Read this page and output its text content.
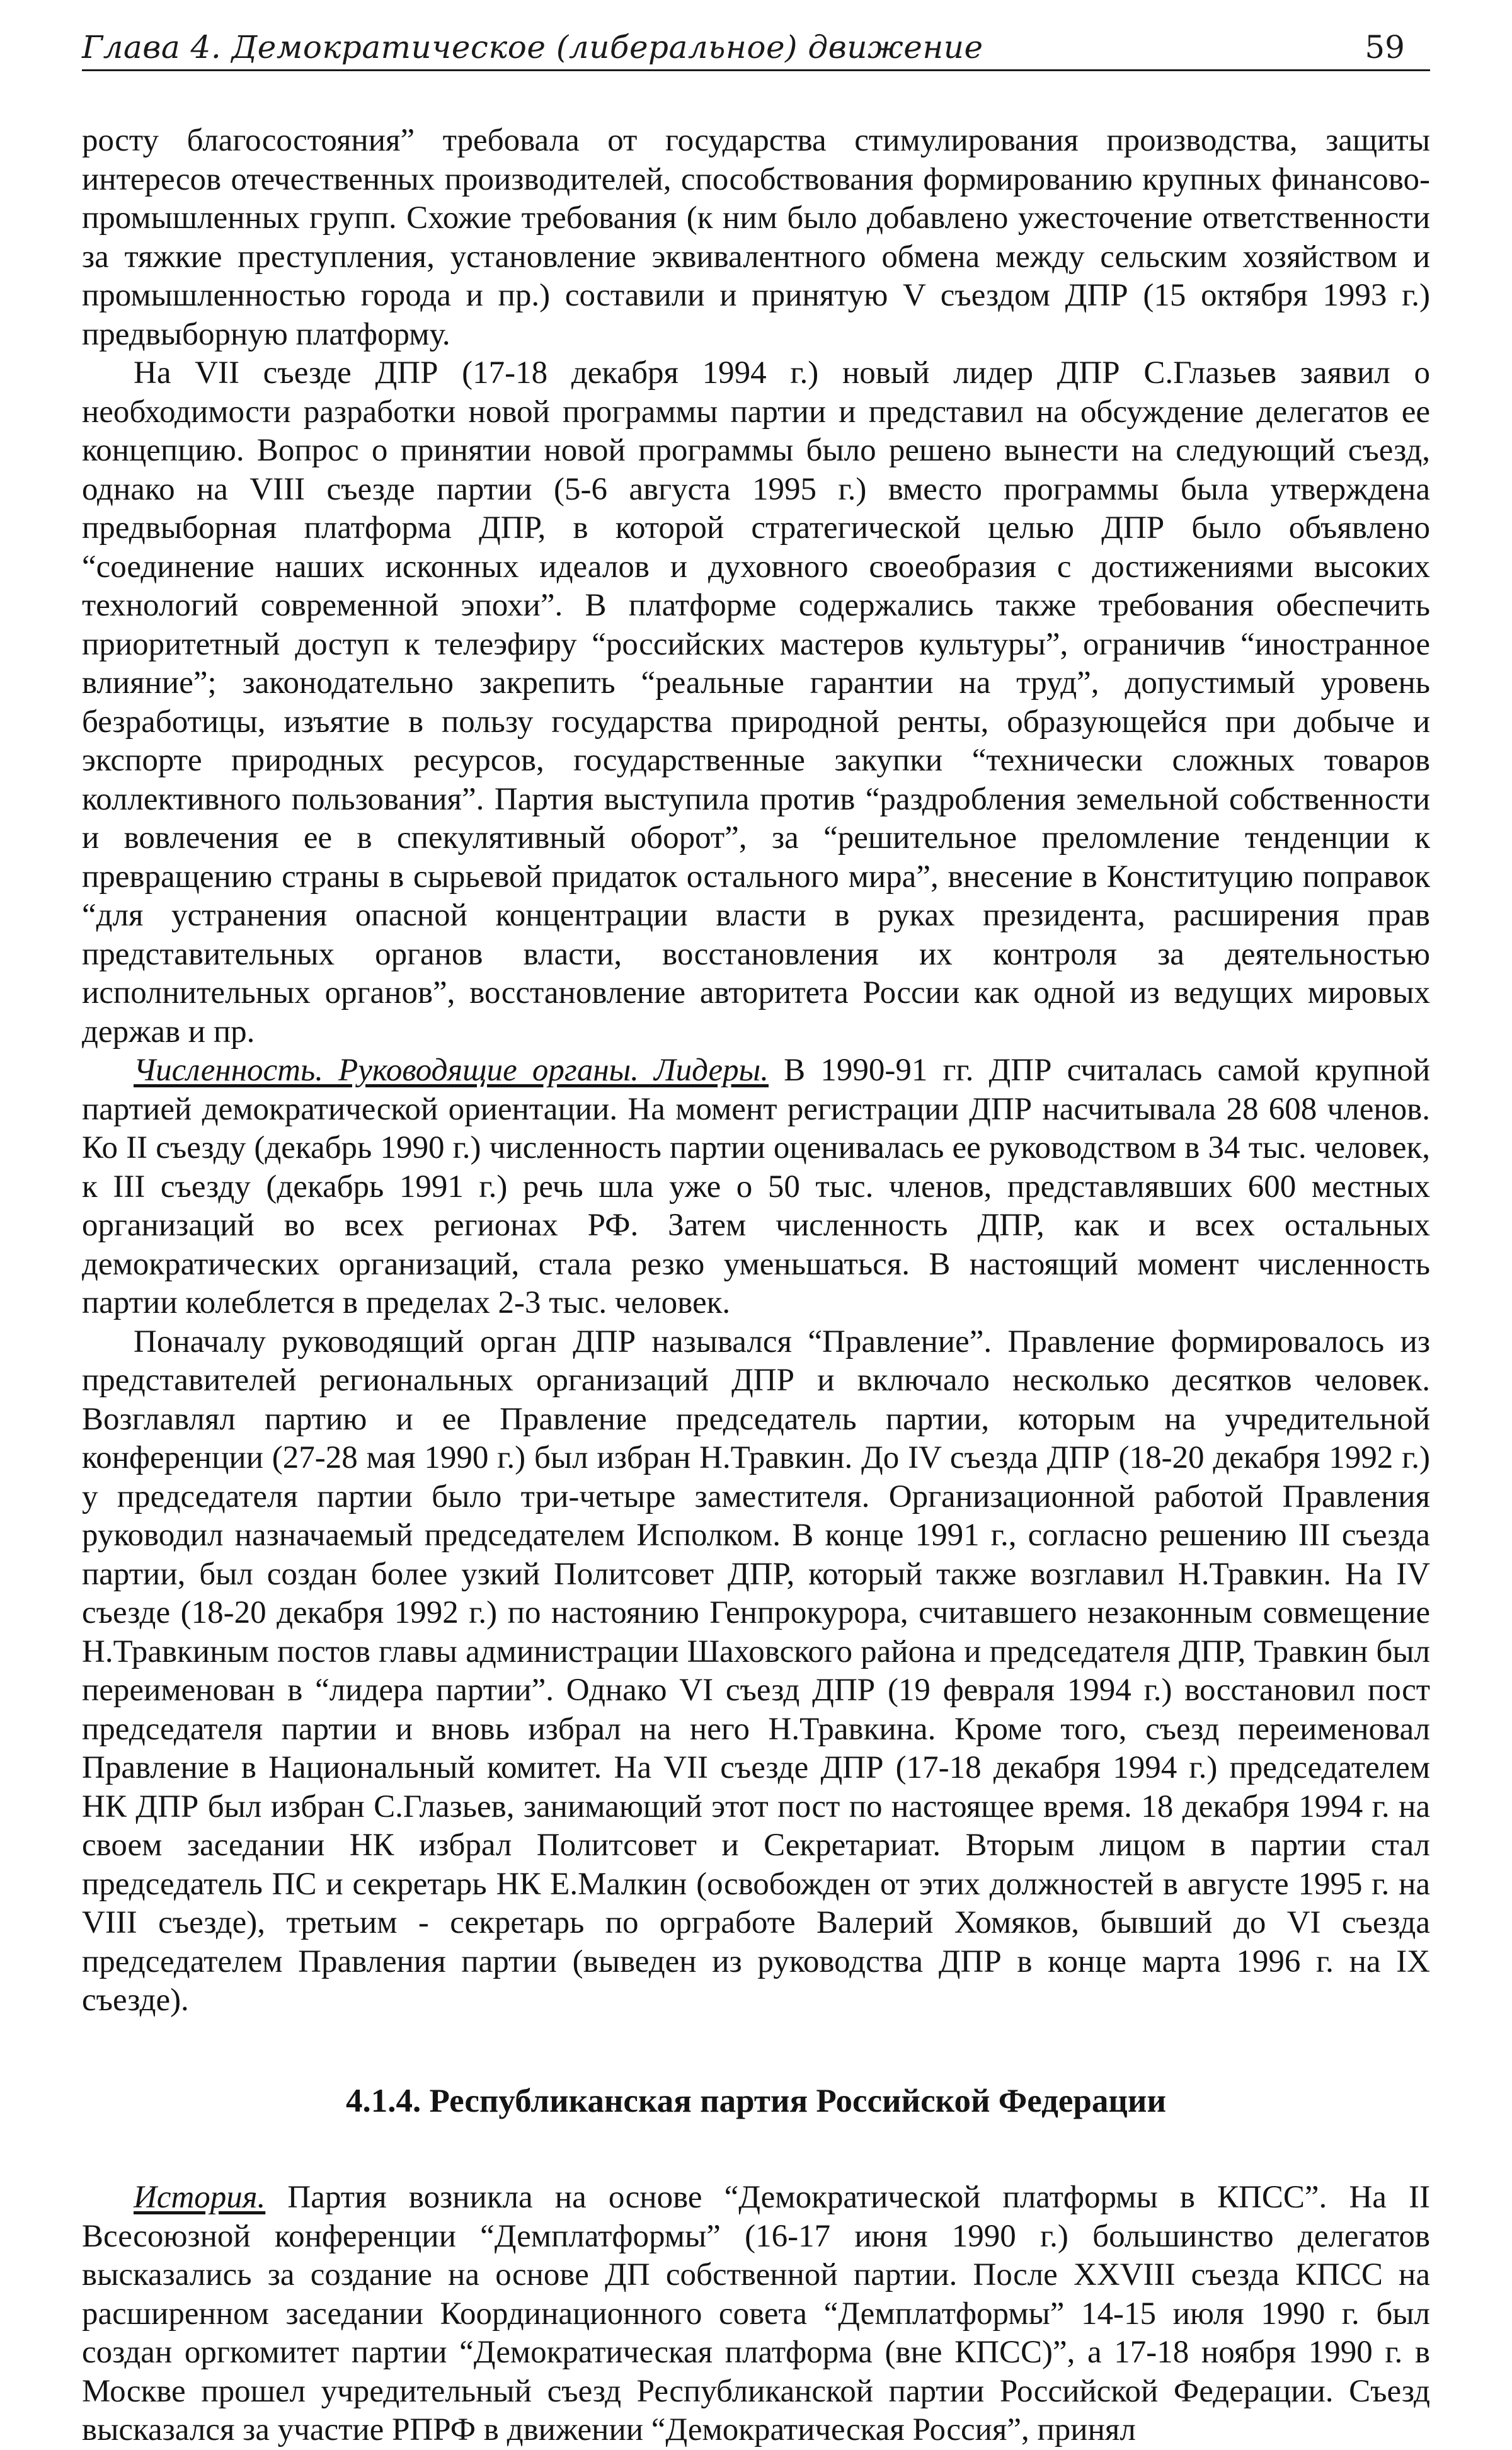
Глава 4. Демократическое (либеральное) движение	59

росту благосостояния” требовала от государства стимулирования производства, защиты интересов отечественных производителей, способствования формированию крупных финансово-промышленных групп. Схожие требования (к ним было добавлено ужесточение ответственности за тяжкие преступления, установление эквивалентного обмена между сельским хозяйством и промышленностью города и пр.) составили и принятую V съездом ДПР (15 октября 1993 г.) предвыборную платформу.

На VII съезде ДПР (17-18 декабря 1994 г.) новый лидер ДПР С.Глазьев заявил о необходимости разработки новой программы партии и представил на обсуждение делегатов ее концепцию. Вопрос о принятии новой программы было решено вынести на следующий съезд, однако на VIII съезде партии (5-6 августа 1995 г.) вместо программы была утверждена предвыборная платформа ДПР, в которой стратегической целью ДПР было объявлено “соединение наших исконных идеалов и духовного своеобразия с достижениями высоких технологий современной эпохи”. В платформе содержались также требования обеспечить приоритетный доступ к телеэфиру “российских мастеров культуры”, ограничив “иностранное влияние”; законодательно закрепить “реальные гарантии на труд”, допустимый уровень безработицы, изъятие в пользу государства природной ренты, образующейся при добыче и экспорте природных ресурсов, государственные закупки “технически сложных товаров коллективного пользования”. Партия выступила против “раздробления земельной собственности и вовлечения ее в спекулятивный оборот”, за “решительное преломление тенденции к превращению страны в сырьевой придаток остального мира”, внесение в Конституцию поправок “для устранения опасной концентрации власти в руках президента, расширения прав представительных органов власти, восстановления их контроля за деятельностью исполнительных органов”, восстановление авторитета России как одной из ведущих мировых держав и пр.

Численность. Руководящие органы. Лидеры. В 1990-91 гг. ДПР считалась самой крупной партией демократической ориентации. На момент регистрации ДПР насчитывала 28 608 членов. Ко II съезду (декабрь 1990 г.) численность партии оценивалась ее руководством в 34 тыс. человек, к III съезду (декабрь 1991 г.) речь шла уже о 50 тыс. членов, представлявших 600 местных организаций во всех регионах РФ. Затем численность ДПР, как и всех остальных демократических организаций, стала резко уменьшаться. В настоящий момент численность партии колеблется в пределах 2-3 тыс. человек.

Поначалу руководящий орган ДПР назывался “Правление”. Правление формировалось из представителей региональных организаций ДПР и включало несколько десятков человек. Возглавлял партию и ее Правление председатель партии, которым на учредительной конференции (27-28 мая 1990 г.) был избран Н.Травкин. До IV съезда ДПР (18-20 декабря 1992 г.) у председателя партии было три-четыре заместителя. Организационной работой Правления руководил назначаемый председателем Исполком. В конце 1991 г., согласно решению III съезда партии, был создан более узкий Политсовет ДПР, который также возглавил Н.Травкин. На IV съезде (18-20 декабря 1992 г.) по настоянию Генпрокурора, считавшего незаконным совмещение Н.Травкиным постов главы администрации Шаховского района и председателя ДПР, Травкин был переименован в “лидера партии”. Однако VI съезд ДПР (19 февраля 1994 г.) восстановил пост председателя партии и вновь избрал на него Н.Травкина. Кроме того, съезд переименовал Правление в Национальный комитет. На VII съезде ДПР (17-18 декабря 1994 г.) председателем НК ДПР был избран С.Глазьев, занимающий этот пост по настоящее время. 18 декабря 1994 г. на своем заседании НК избрал Политсовет и Секретариат. Вторым лицом в партии стал председатель ПС и секретарь НК Е.Малкин (освобожден от этих должностей в августе 1995 г. на VIII съезде), третьим - секретарь по оргработе Валерий Хомяков, бывший до VI съезда председателем Правления партии (выведен из руководства ДПР в конце марта 1996 г. на IX съезде).

4.1.4. Республиканская партия Российской Федерации

История. Партия возникла на основе “Демократической платформы в КПСС”. На II Всесоюзной конференции “Демплатформы” (16-17 июня 1990 г.) большинство делегатов высказались за создание на основе ДП собственной партии. После XXVIII съезда КПСС на расширенном заседании Координационного совета “Демплатформы” 14-15 июля 1990 г. был создан оргкомитет партии “Демократическая платформа (вне КПСС)”, а 17-18 ноября 1990 г. в Москве прошел учредительный съезд Республиканской партии Российской Федерации. Съезд высказался за участие РПРФ в движении “Демократическая Россия”, принял
